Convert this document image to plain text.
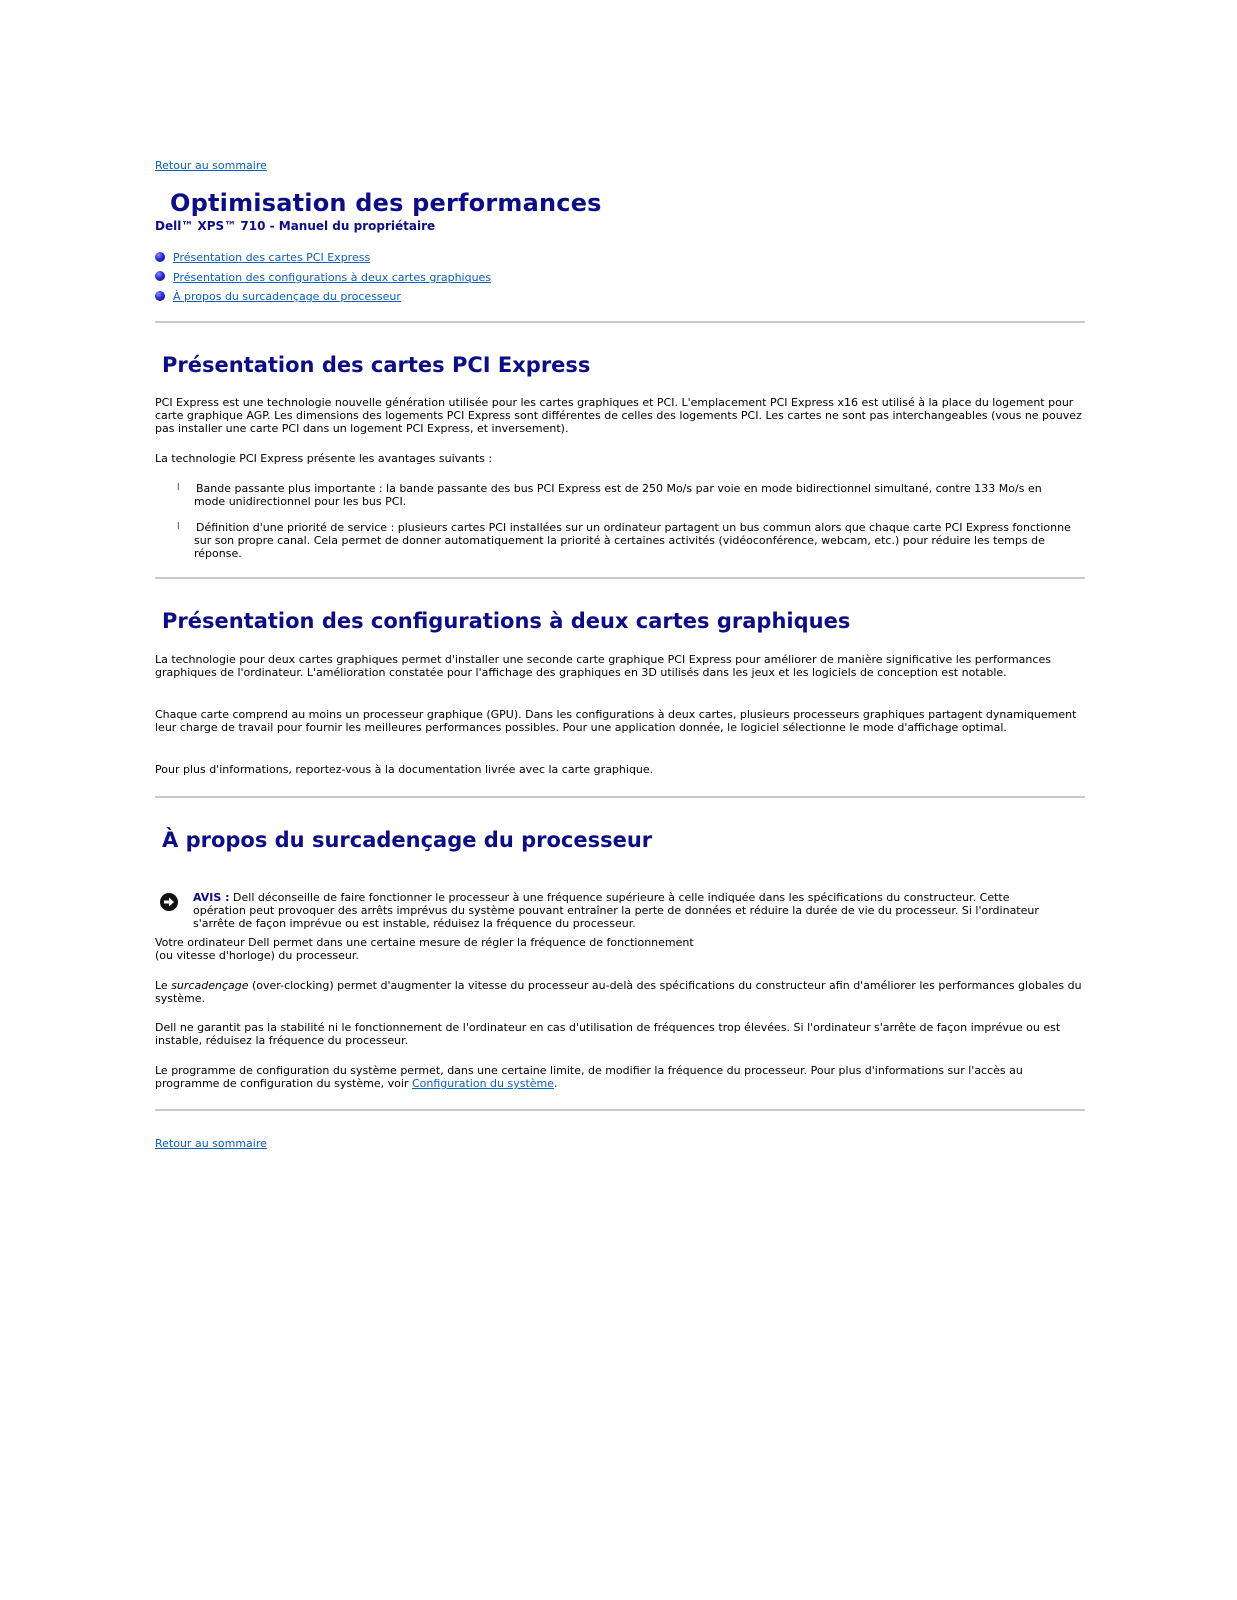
Retour au sommaire
Optimisation des performances
Dell™ XPS™ 710 - Manuel du propriétaire
Présentation des cartes PCI Express
Présentation des configurations à deux cartes graphiques
À propos du surcadençage du processeur
Présentation des cartes PCI Express

PCI Express est une technologie nouvelle génération utilisée pour les cartes graphiques et PCI. L'emplacement PCI Express x16 est utilisé à la place du logement pour carte graphique AGP. Les dimensions des logements PCI Express sont différentes de celles des logements PCI. Les cartes ne sont pas interchangeables (vous ne pouvez pas installer une carte PCI dans un logement PCI Express, et inversement).

La technologie PCI Express présente les avantages suivants :

l Bande passante plus importante : la bande passante des bus PCI Express est de 250 Mo/s par voie en mode bidirectionnel simultané, contre 133 Mo/s en mode unidirectionnel pour les bus PCI.
l Définition d'une priorité de service : plusieurs cartes PCI installées sur un ordinateur partagent un bus commun alors que chaque carte PCI Express fonctionne sur son propre canal. Cela permet de donner automatiquement la priorité à certaines activités (vidéoconférence, webcam, etc.) pour réduire les temps de réponse.
Présentation des configurations à deux cartes graphiques

La technologie pour deux cartes graphiques permet d'installer une seconde carte graphique PCI Express pour améliorer de manière significative les performances graphiques de l'ordinateur. L'amélioration constatée pour l'affichage des graphiques en 3D utilisés dans les jeux et les logiciels de conception est notable.

Chaque carte comprend au moins un processeur graphique (GPU). Dans les configurations à deux cartes, plusieurs processeurs graphiques partagent dynamiquement leur charge de travail pour fournir les meilleures performances possibles. Pour une application donnée, le logiciel sélectionne le mode d'affichage optimal.

Pour plus d'informations, reportez-vous à la documentation livrée avec la carte graphique.

À propos du surcadençage du processeur
AVIS : Dell déconseille de faire fonctionner le processeur à une fréquence supérieure à celle indiquée dans les spécifications du constructeur. Cette opération peut provoquer des arrêts imprévus du système pouvant entraîner la perte de données et réduire la durée de vie du processeur. Si l'ordinateur s'arrête de façon imprévue ou est instable, réduisez la fréquence du processeur.

Votre ordinateur Dell permet dans une certaine mesure de régler la fréquence de fonctionnement
(ou vitesse d'horloge) du processeur.

Le surcadençage (over-clocking) permet d'augmenter la vitesse du processeur au-delà des spécifications du constructeur afin d'améliorer les performances globales du système.

Dell ne garantit pas la stabilité ni le fonctionnement de l'ordinateur en cas d'utilisation de fréquences trop élevées. Si l'ordinateur s'arrête de façon imprévue ou est instable, réduisez la fréquence du processeur.

Le programme de configuration du système permet, dans une certaine limite, de modifier la fréquence du processeur. Pour plus d'informations sur l'accès au programme de configuration du système, voir Configuration du système.

Retour au sommaire
